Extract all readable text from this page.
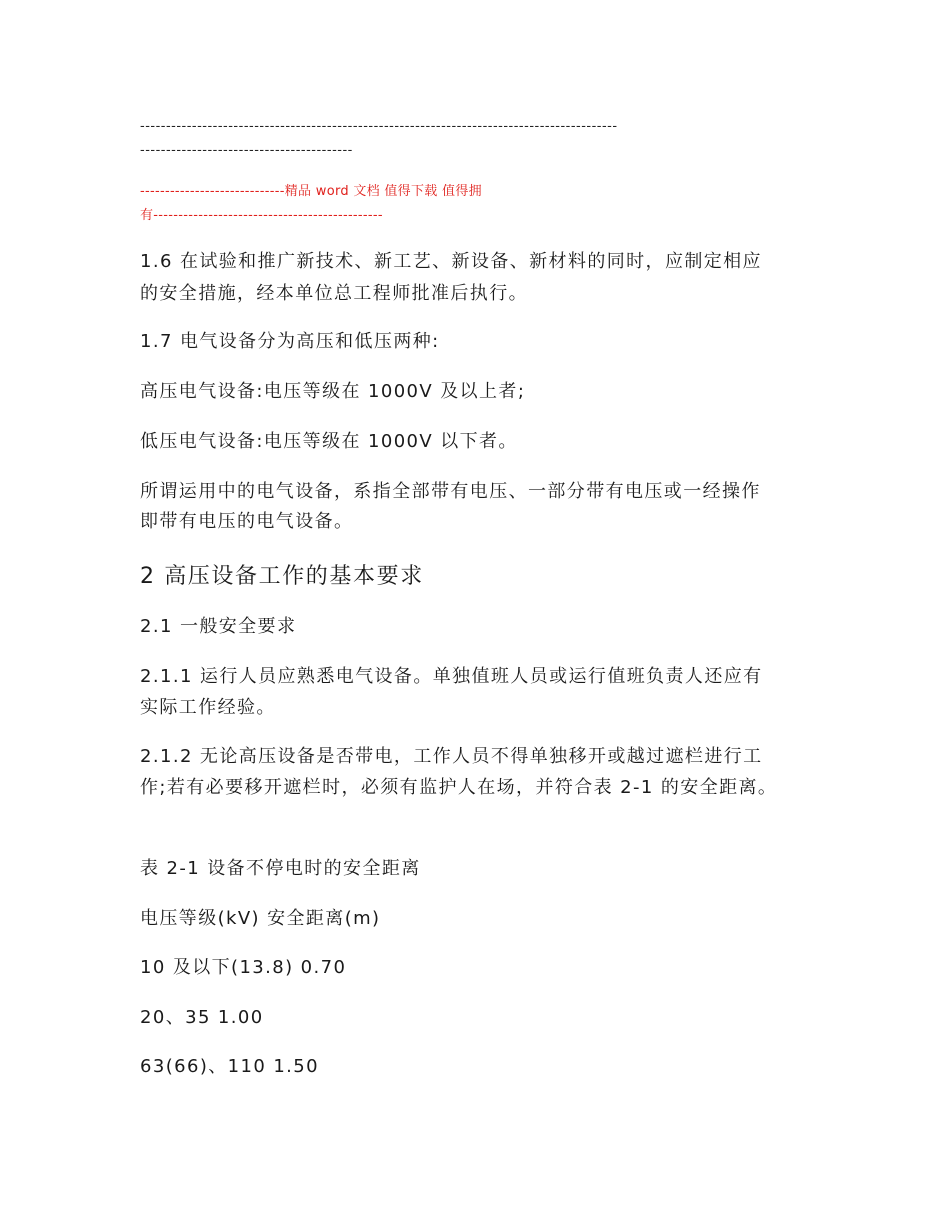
--------------------------------------------------------------------------------------------

-----------------------------------------

-----------------------------精品 word 文档 值得下载 值得拥

有----------------------------------------------

1.6 在试验和推广新技术、新工艺、新设备、新材料的同时，应制定相应

的安全措施，经本单位总工程师批准后执行。

1.7 电气设备分为高压和低压两种:

高压电气设备:电压等级在 1000V 及以上者;

低压电气设备:电压等级在 1000V 以下者。

所谓运用中的电气设备，系指全部带有电压、一部分带有电压或一经操作

即带有电压的电气设备。

2 高压设备工作的基本要求

2.1 一般安全要求

2.1.1 运行人员应熟悉电气设备。单独值班人员或运行值班负责人还应有

实际工作经验。

2.1.2 无论高压设备是否带电，工作人员不得单独移开或越过遮栏进行工

作;若有必要移开遮栏时，必须有监护人在场，并符合表 2-1 的安全距离。

表 2-1 设备不停电时的安全距离

电压等级(kV) 安全距离(m)

10 及以下(13.8) 0.70

20、35 1.00

63(66)、110 1.50
